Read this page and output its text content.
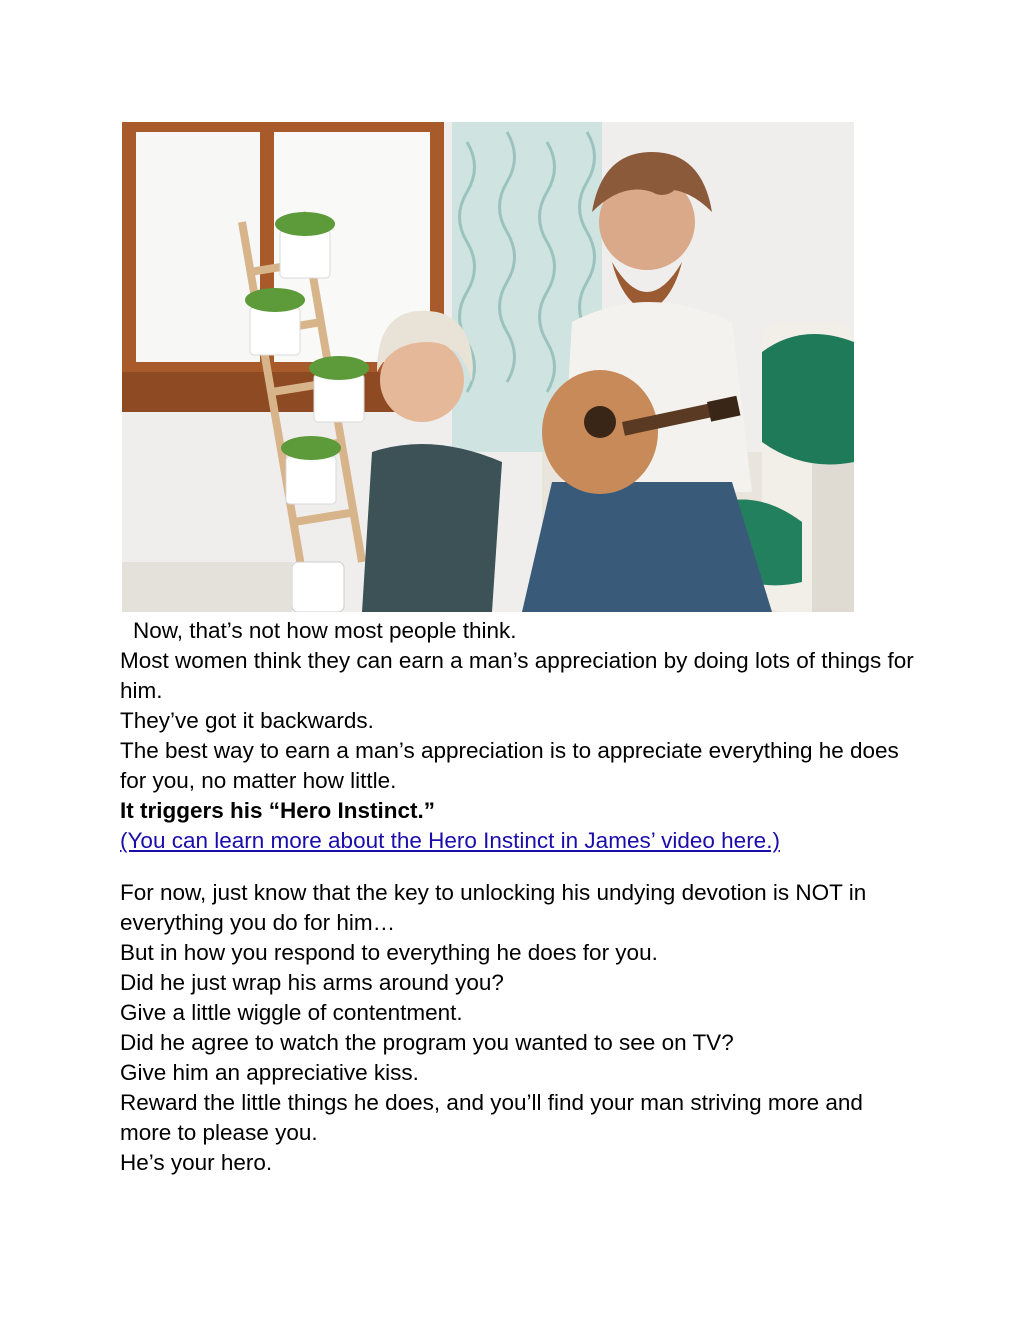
Now, that’s not how most people think.

Most women think they can earn a man’s appreciation by doing lots of things for him.

They’ve got it backwards.

The best way to earn a man’s appreciation is to appreciate everything he does for you, no matter how little.

It triggers his “Hero Instinct.”

(You can learn more about the Hero Instinct in James’ video here.)

For now, just know that the key to unlocking his undying devotion is NOT in everything you do for him…

But in how you respond to everything he does for you.

Did he just wrap his arms around you?

Give a little wiggle of contentment.

Did he agree to watch the program you wanted to see on TV?

Give him an appreciative kiss.

Reward the little things he does, and you’ll find your man striving more and more to please you.

He’s your hero.
